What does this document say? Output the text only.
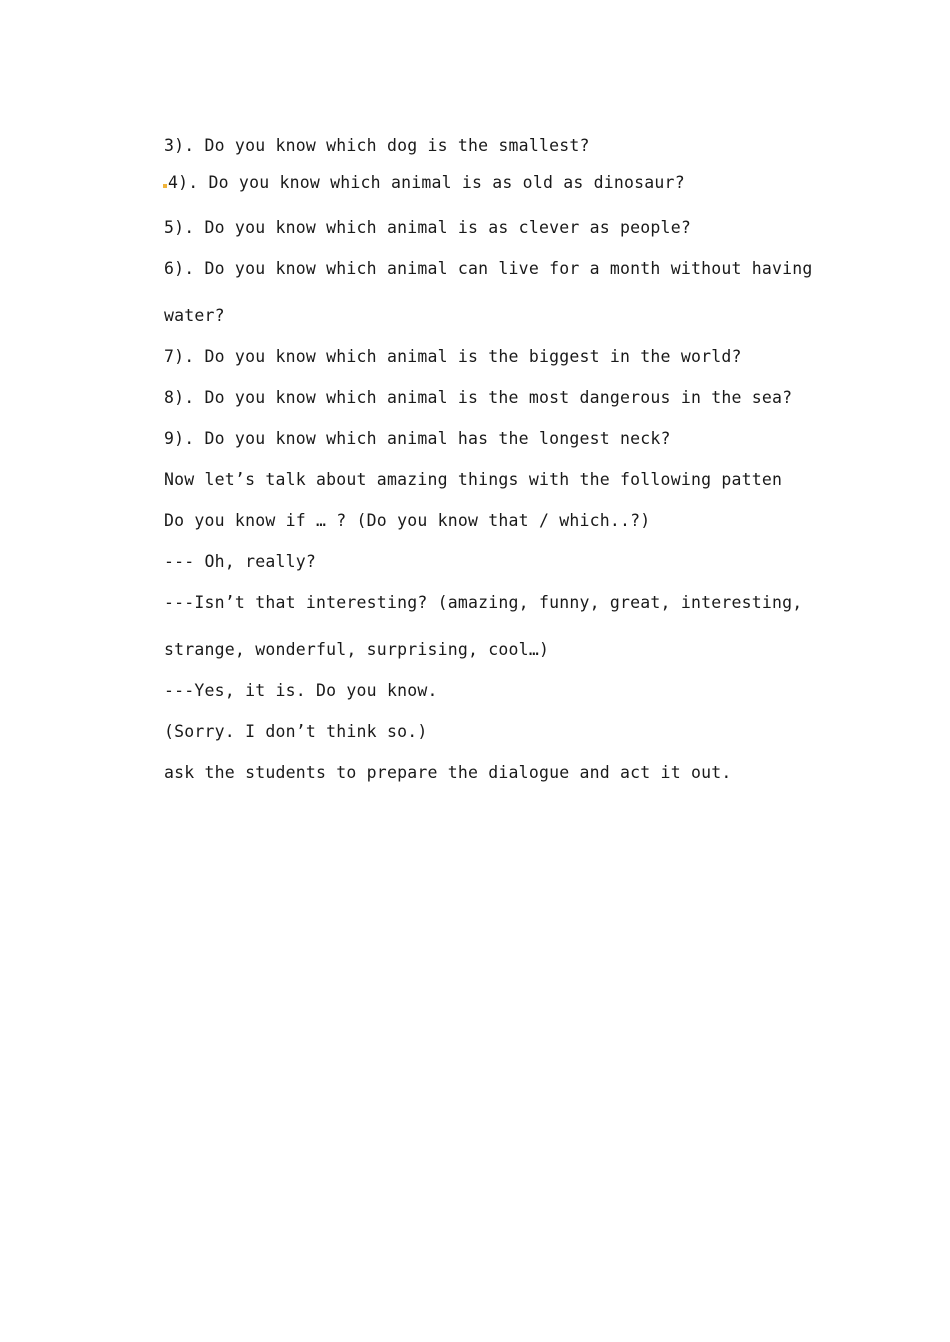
3). Do you know which dog is the smallest?

4). Do you know which animal is as old as dinosaur?

5). Do you know which animal is as clever as people?

6). Do you know which animal can live for a month without having

water?

7). Do you know which animal is the biggest in the world?

8). Do you know which animal is the most dangerous in the sea?

9). Do you know which animal has the longest neck?

Now let’s talk about amazing things with the following patten

Do you know if … ? (Do you know that / which..?)

--- Oh, really?

---Isn’t that interesting? (amazing, funny, great, interesting,

strange, wonderful, surprising, cool…)

---Yes, it is. Do you know.

(Sorry. I don’t think so.)

ask the students to prepare the dialogue and act it out.
